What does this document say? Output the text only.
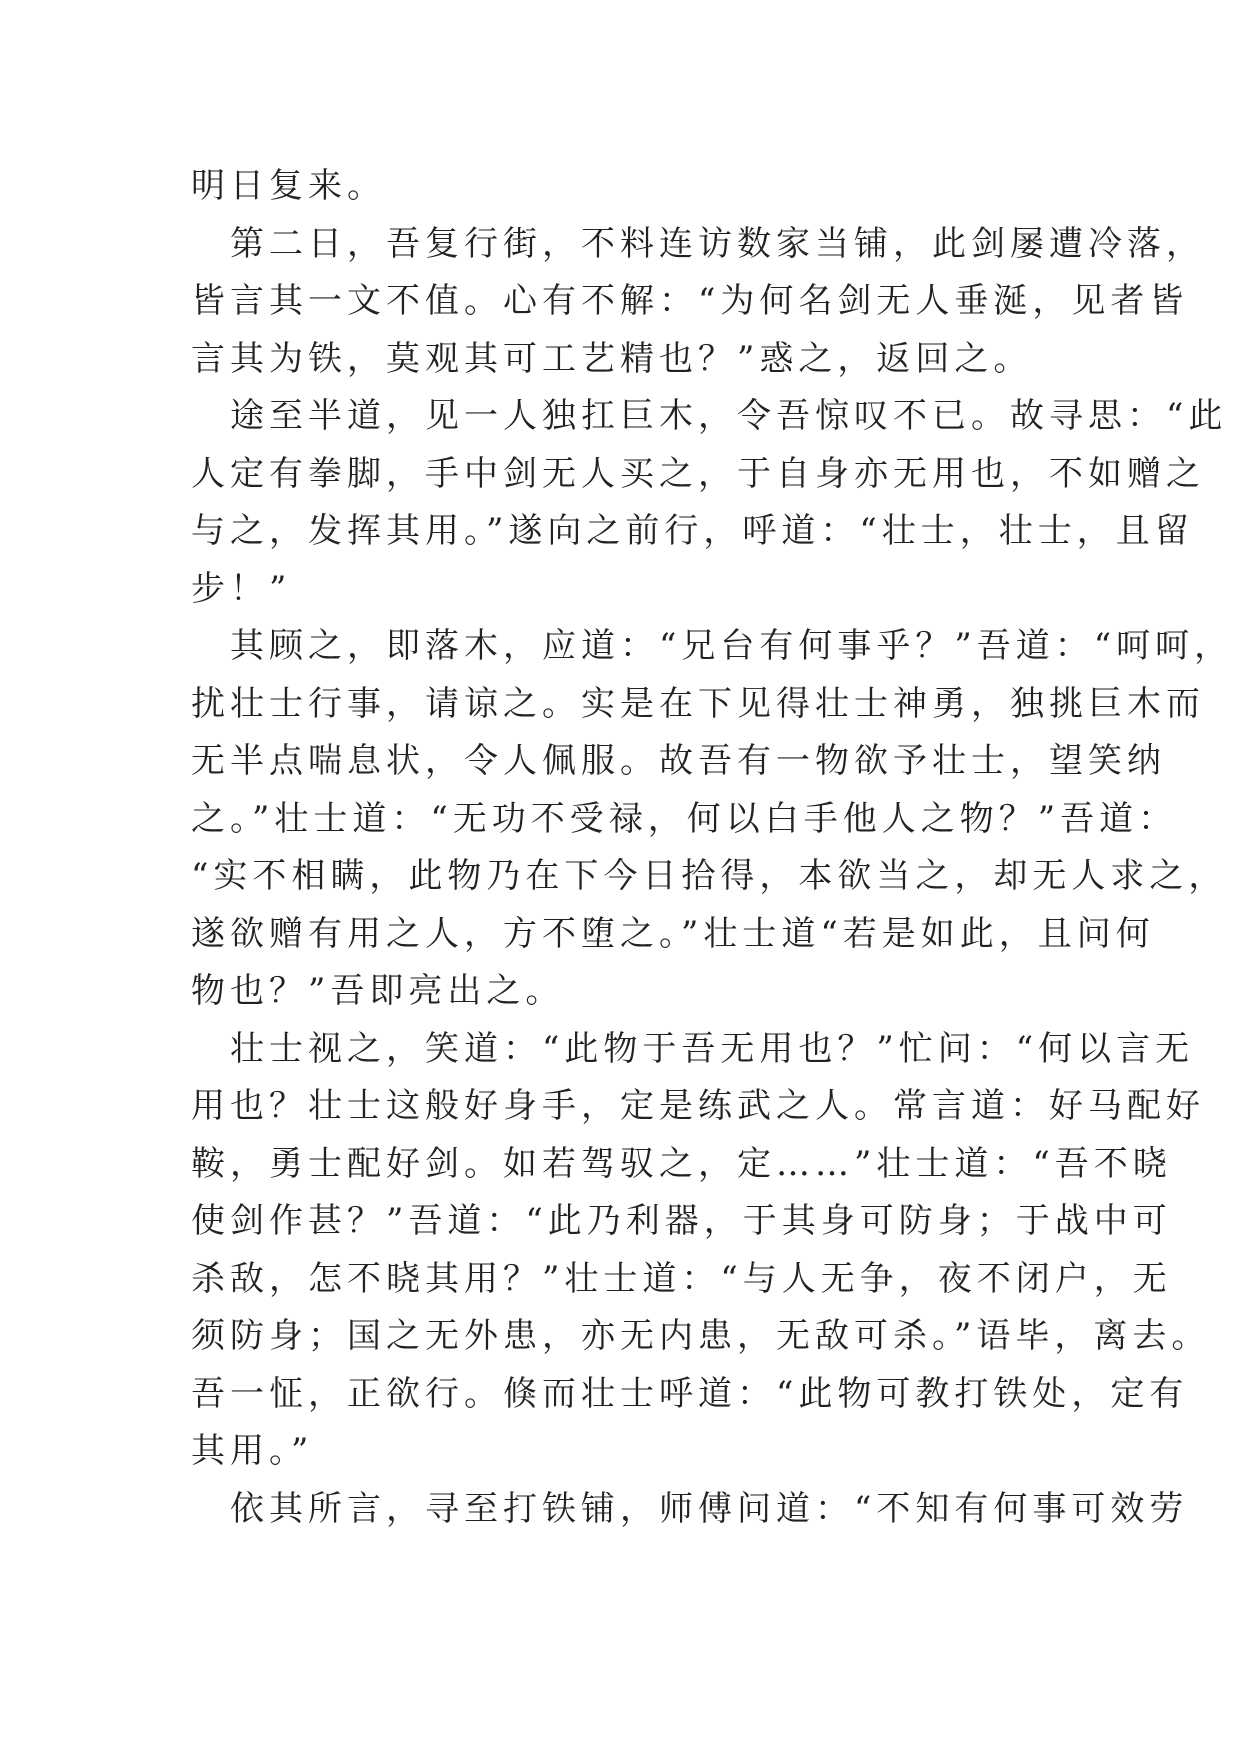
明日复来。
　第二日，吾复行街，不料连访数家当铺，此剑屡遭冷落，
皆言其一文不值。心有不解：“为何名剑无人垂涎，见者皆
言其为铁，莫观其可工艺精也？”惑之，返回之。
　途至半道，见一人独扛巨木，令吾惊叹不已。故寻思：“此
人定有拳脚，手中剑无人买之，于自身亦无用也，不如赠之
与之，发挥其用。”遂向之前行，呼道：“壮士，壮士，且留
步！”
　其顾之，即落木，应道：“兄台有何事乎？”吾道：“呵呵，
扰壮士行事，请谅之。实是在下见得壮士神勇，独挑巨木而
无半点喘息状，令人佩服。故吾有一物欲予壮士，望笑纳
之。”壮士道：“无功不受禄，何以白手他人之物？”吾道：
“实不相瞒，此物乃在下今日拾得，本欲当之，却无人求之，
遂欲赠有用之人，方不堕之。”壮士道“若是如此，且问何
物也？”吾即亮出之。
　壮士视之，笑道：“此物于吾无用也？”忙问：“何以言无
用也？壮士这般好身手，定是练武之人。常言道：好马配好
鞍，勇士配好剑。如若驾驭之，定……”壮士道：“吾不晓
使剑作甚？”吾道：“此乃利器，于其身可防身；于战中可
杀敌，怎不晓其用？”壮士道：“与人无争，夜不闭户，无
须防身；国之无外患，亦无内患，无敌可杀。”语毕，离去。
吾一怔，正欲行。倏而壮士呼道：“此物可教打铁处，定有
其用。”
　依其所言，寻至打铁铺，师傅问道：“不知有何事可效劳
